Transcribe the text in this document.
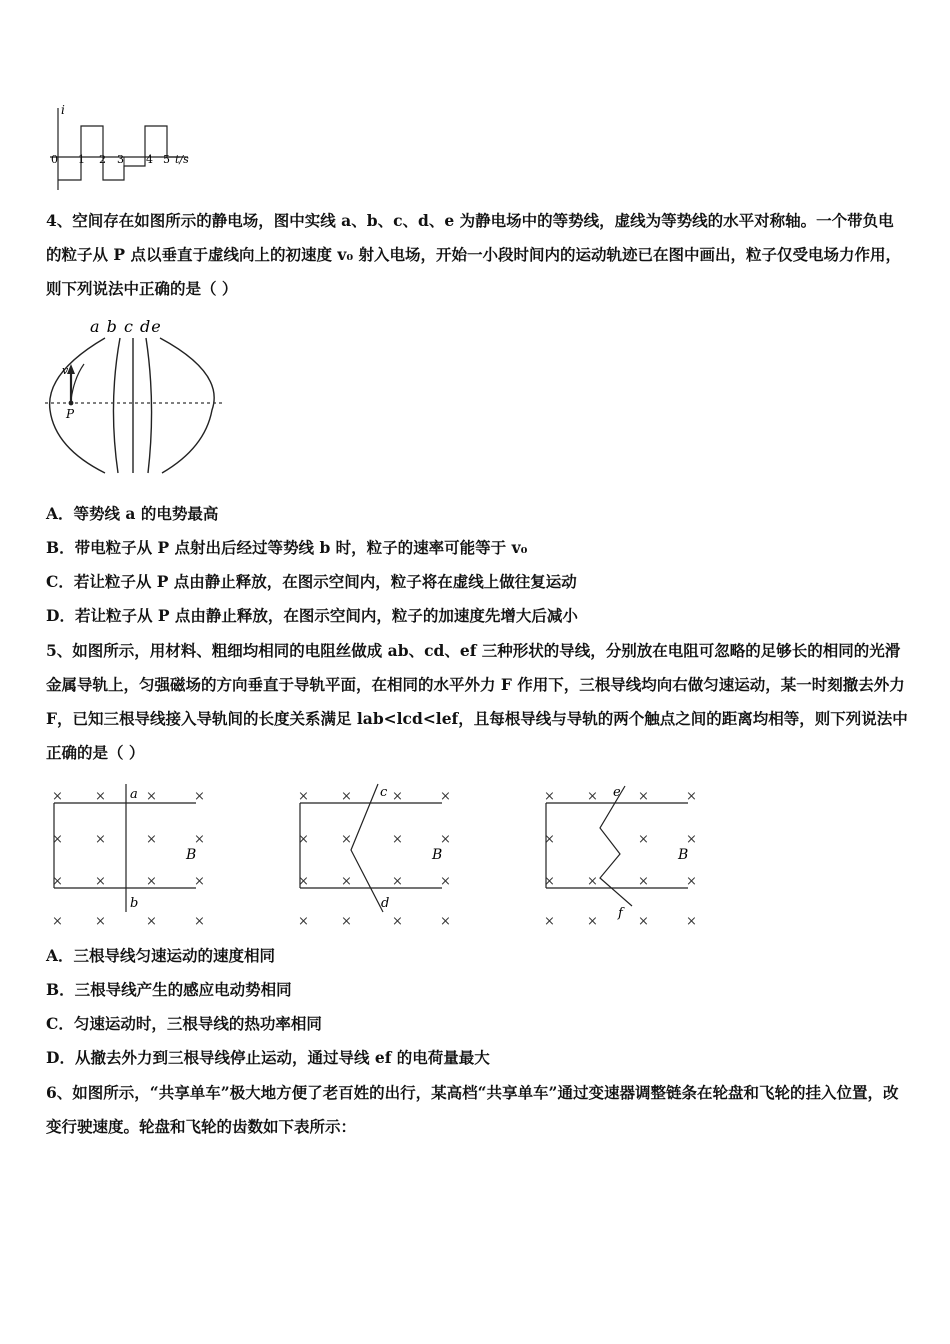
i
0 1 2 3 4 5 t/s
4、空间存在如图所示的静电场，图中实线 a、b、c、d、e 为静电场中的等势线，虚线为等势线的水平对称轴。一个带负电的粒子从 P 点以垂直于虚线向上的初速度 v₀ 射入电场，开始一小段时间内的运动轨迹已在图中画出，粒子仅受电场力作用，则下列说法中正确的是（ ）
a b c de
v
P
A．等势线 a 的电势最高
B．带电粒子从 P 点射出后经过等势线 b 时，粒子的速率可能等于 v₀
C．若让粒子从 P 点由静止释放，在图示空间内，粒子将在虚线上做往复运动
D．若让粒子从 P 点由静止释放，在图示空间内，粒子的加速度先增大后减小
5、如图所示，用材料、粗细均相同的电阻丝做成 ab、cd、ef 三种形状的导线，分别放在电阻可忽略的足够长的相同的光滑金属导轨上，匀强磁场的方向垂直于导轨平面，在相同的水平外力 F 作用下，三根导线均向右做匀速运动，某一时刻撤去外力 F，已知三根导线接入导轨间的长度关系满足 lab<lcd<lef，且每根导线与导轨的两个触点之间的距离均相等，则下列说法中正确的是（ ）
a
b
B
× ×	×	×
× ×	×	×
× ×	×	×
× ×	×	×
c
d
B
× ×	×	×
× ×	×	×
× ×	×	×
× ×	×	×
e
f
B
× ×	×	×
×	×	×
× ×	×	×
× ×	×	×
A．三根导线匀速运动的速度相同
B．三根导线产生的感应电动势相同
C．匀速运动时，三根导线的热功率相同
D．从撤去外力到三根导线停止运动，通过导线 ef 的电荷量最大
6、如图所示，“共享单车”极大地方便了老百姓的出行，某高档“共享单车”通过变速器调整链条在轮盘和飞轮的挂入位置，改变行驶速度。轮盘和飞轮的齿数如下表所示：
